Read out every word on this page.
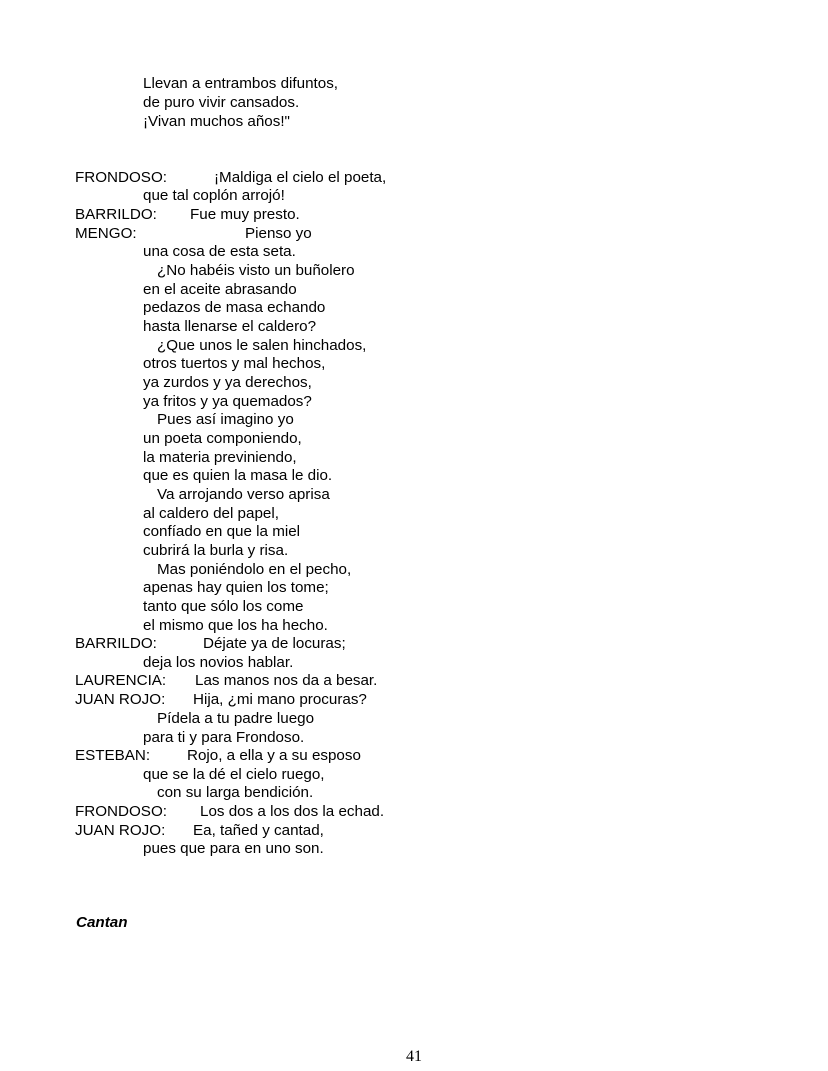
Llevan a entrambos difuntos,
de puro vivir cansados.
¡Vivan muchos años!"
FRONDOSO:	¡Maldiga el cielo el poeta,
que tal coplón arrojó!
BARRILDO: Fue muy presto.
MENGO:	Pienso yo
una cosa de esta seta.
¿No habéis visto un buñolero
en el aceite abrasando
pedazos de masa echando
hasta llenarse el caldero?
¿Que unos le salen hinchados,
otros tuertos y mal hechos,
ya zurdos y ya derechos,
ya fritos y ya quemados?
Pues así imagino yo
un poeta componiendo,
la materia previniendo,
que es quien la masa le dio.
Va arrojando verso aprisa
al caldero del papel,
confíado en que la miel
cubrirá la burla y risa.
Mas poniéndolo en el pecho,
apenas hay quien los tome;
tanto que sólo los come
el mismo que los ha hecho.
BARRILDO:	Déjate ya de locuras;
deja los novios hablar.
LAURENCIA: Las manos nos da a besar.
JUAN ROJO: Hija, ¿mi mano procuras?
Pídela a tu padre luego
para ti y para Frondoso.
ESTEBAN: Rojo, a ella y a su esposo
que se la dé el cielo ruego,
con su larga bendición.
FRONDOSO: Los dos a los dos la echad.
JUAN ROJO: Ea, tañed y cantad,
pues que para en uno son.
Cantan
41
